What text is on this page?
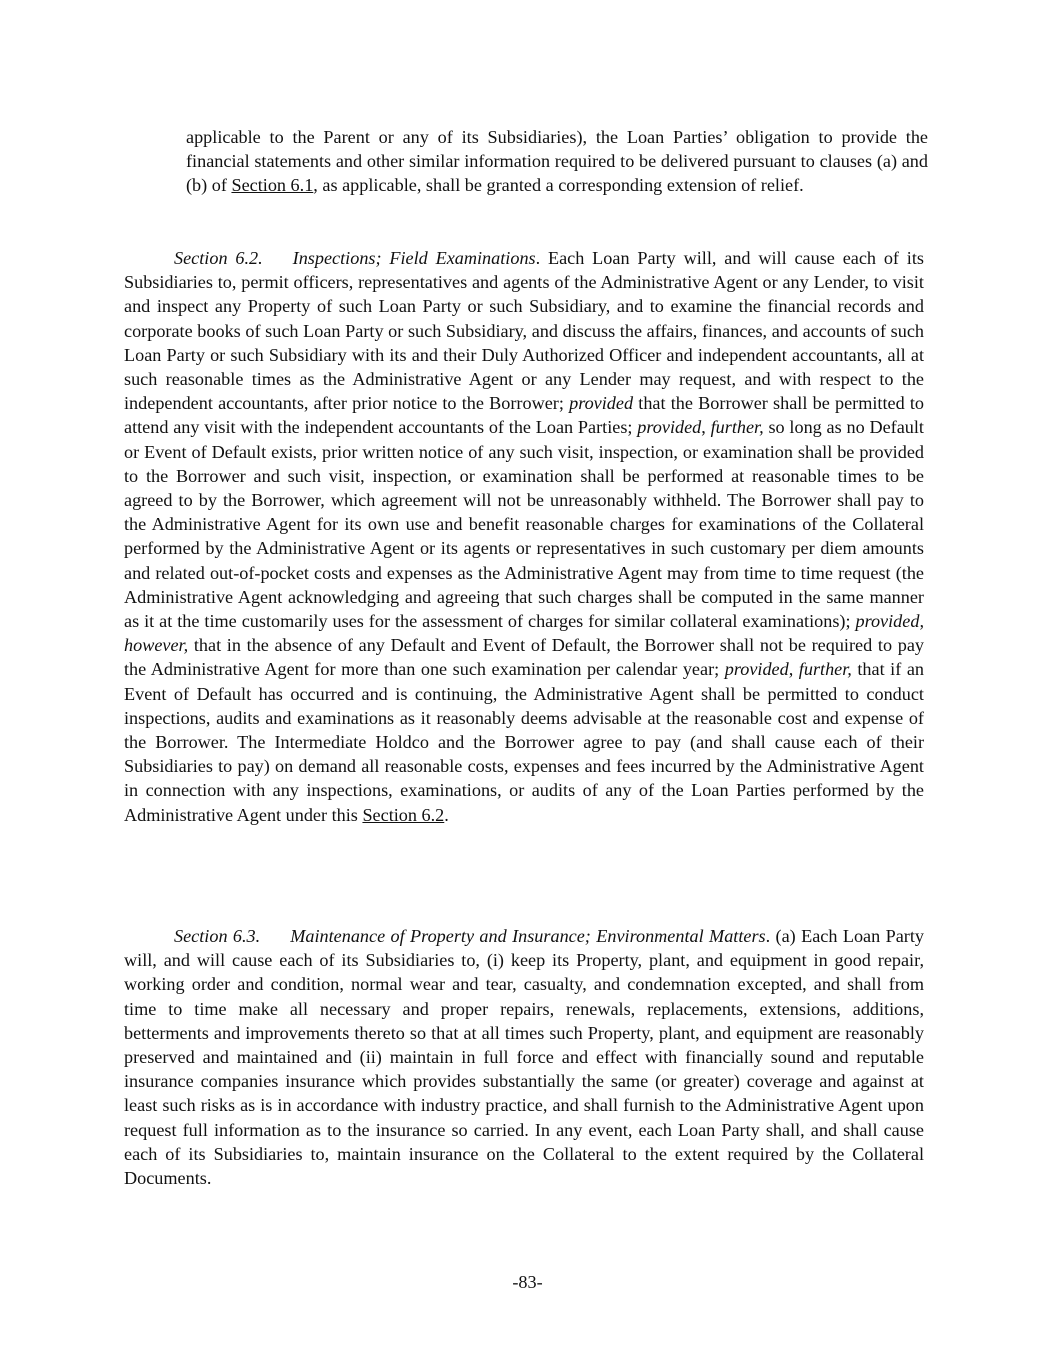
applicable to the Parent or any of its Subsidiaries), the Loan Parties’ obligation to provide the financial statements and other similar information required to be delivered pursuant to clauses (a) and (b) of Section 6.1, as applicable, shall be granted a corresponding extension of relief.

Section 6.2. Inspections; Field Examinations. Each Loan Party will, and will cause each of its Subsidiaries to, permit officers, representatives and agents of the Administrative Agent or any Lender, to visit and inspect any Property of such Loan Party or such Subsidiary, and to examine the financial records and corporate books of such Loan Party or such Subsidiary, and discuss the affairs, finances, and accounts of such Loan Party or such Subsidiary with its and their Duly Authorized Officer and independent accountants, all at such reasonable times as the Administrative Agent or any Lender may request, and with respect to the independent accountants, after prior notice to the Borrower; provided that the Borrower shall be permitted to attend any visit with the independent accountants of the Loan Parties; provided, further, so long as no Default or Event of Default exists, prior written notice of any such visit, inspection, or examination shall be provided to the Borrower and such visit, inspection, or examination shall be performed at reasonable times to be agreed to by the Borrower, which agreement will not be unreasonably withheld. The Borrower shall pay to the Administrative Agent for its own use and benefit reasonable charges for examinations of the Collateral performed by the Administrative Agent or its agents or representatives in such customary per diem amounts and related out-of-pocket costs and expenses as the Administrative Agent may from time to time request (the Administrative Agent acknowledging and agreeing that such charges shall be computed in the same manner as it at the time customarily uses for the assessment of charges for similar collateral examinations); provided, however, that in the absence of any Default and Event of Default, the Borrower shall not be required to pay the Administrative Agent for more than one such examination per calendar year; provided, further, that if an Event of Default has occurred and is continuing, the Administrative Agent shall be permitted to conduct inspections, audits and examinations as it reasonably deems advisable at the reasonable cost and expense of the Borrower. The Intermediate Holdco and the Borrower agree to pay (and shall cause each of their Subsidiaries to pay) on demand all reasonable costs, expenses and fees incurred by the Administrative Agent in connection with any inspections, examinations, or audits of any of the Loan Parties performed by the Administrative Agent under this Section 6.2.

Section 6.3. Maintenance of Property and Insurance; Environmental Matters. (a) Each Loan Party will, and will cause each of its Subsidiaries to, (i) keep its Property, plant, and equipment in good repair, working order and condition, normal wear and tear, casualty, and condemnation excepted, and shall from time to time make all necessary and proper repairs, renewals, replacements, extensions, additions, betterments and improvements thereto so that at all times such Property, plant, and equipment are reasonably preserved and maintained and (ii) maintain in full force and effect with financially sound and reputable insurance companies insurance which provides substantially the same (or greater) coverage and against at least such risks as is in accordance with industry practice, and shall furnish to the Administrative Agent upon request full information as to the insurance so carried. In any event, each Loan Party shall, and shall cause each of its Subsidiaries to, maintain insurance on the Collateral to the extent required by the Collateral Documents.

-83-
